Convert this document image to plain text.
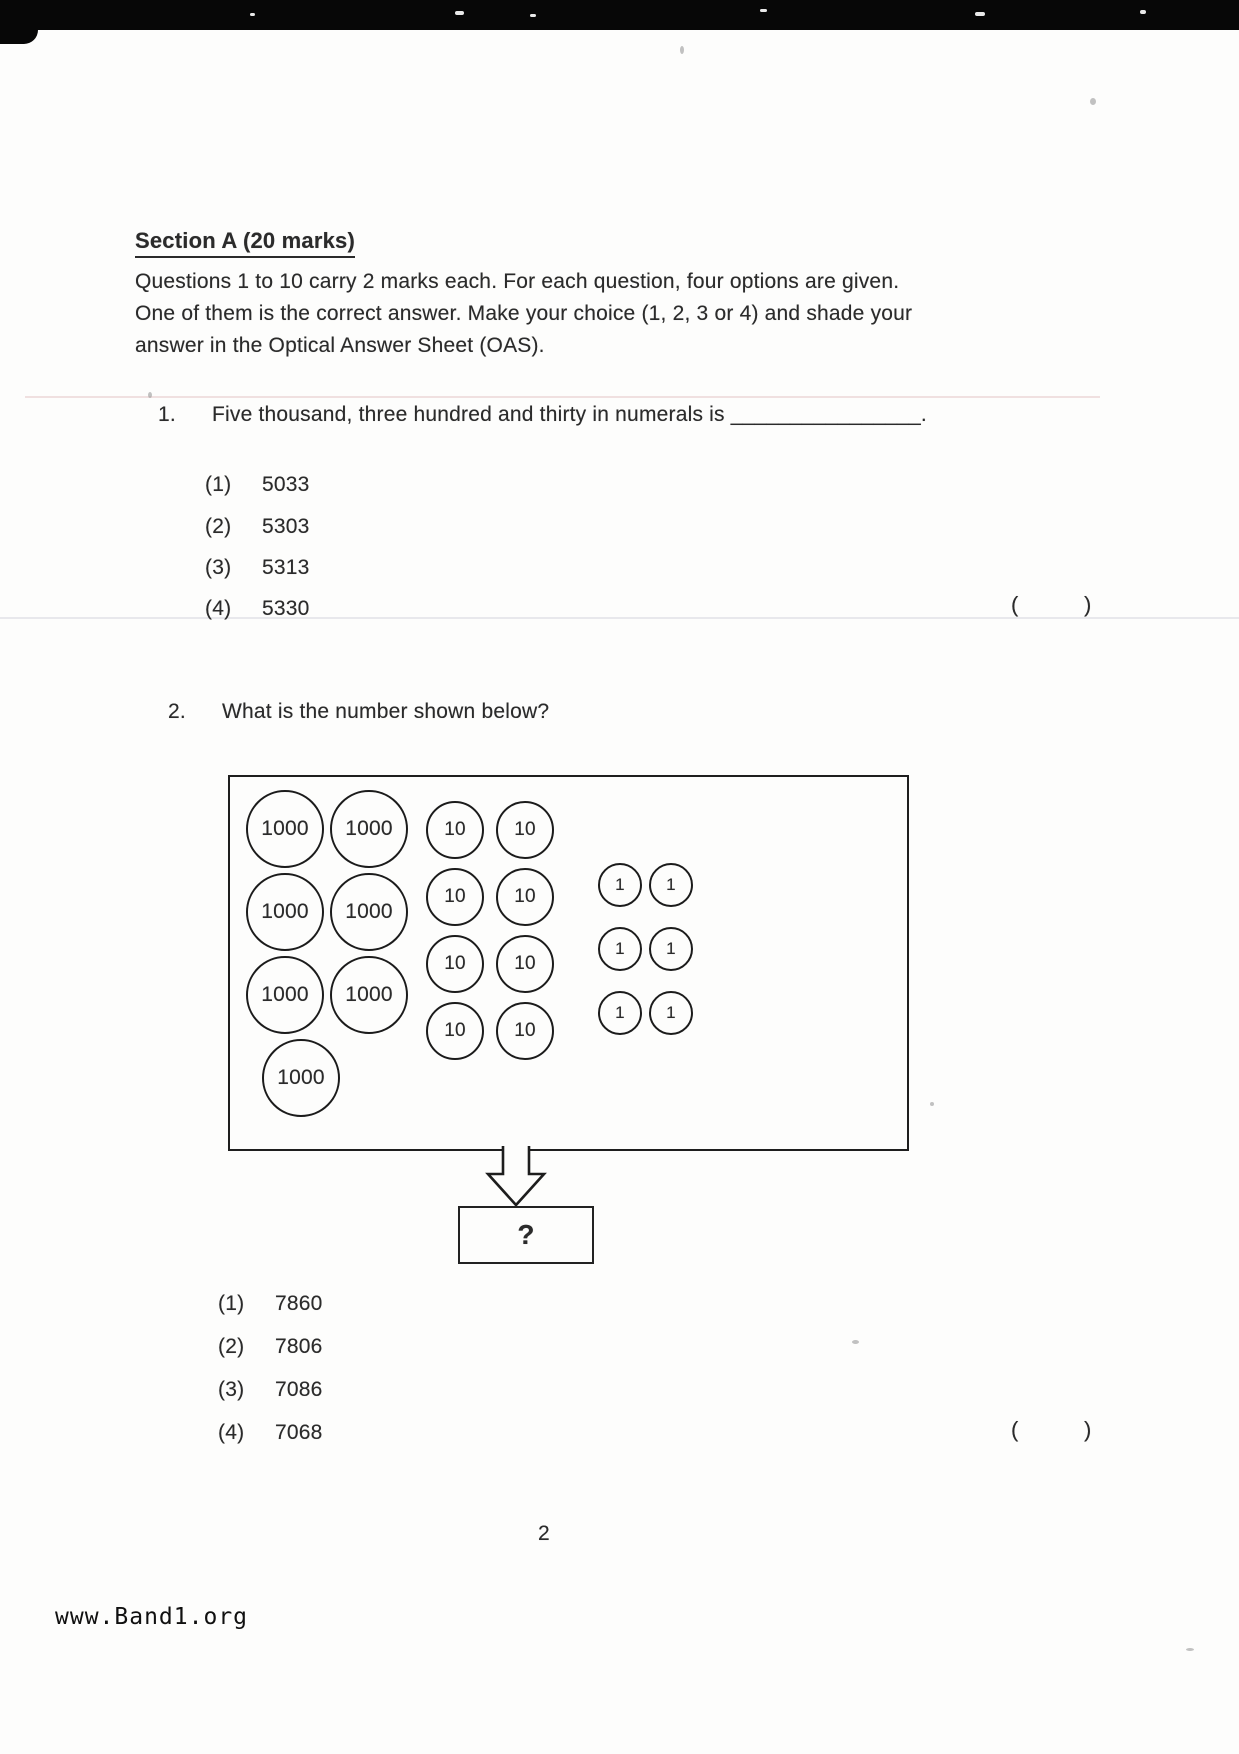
Section A (20 marks)
Questions 1 to 10 carry 2 marks each. For each question, four options are given.
One of them is the correct answer. Make your choice (1, 2, 3 or 4) and shade your
answer in the Optical Answer Sheet (OAS).
1. Five thousand, three hundred and thirty in numerals is ________________.
(1) 5033
(2) 5303
(3) 5313
(4) 5330	(	)
2. What is the number shown below?
1000	1000
1000	1000
1000	1000
1000
10	10
10	10
10	10
10	10
1	1
1	1
1	1
?
(1) 7860
(2) 7806
(3) 7086
(4) 7068	(	)
2
www.Band1.org
